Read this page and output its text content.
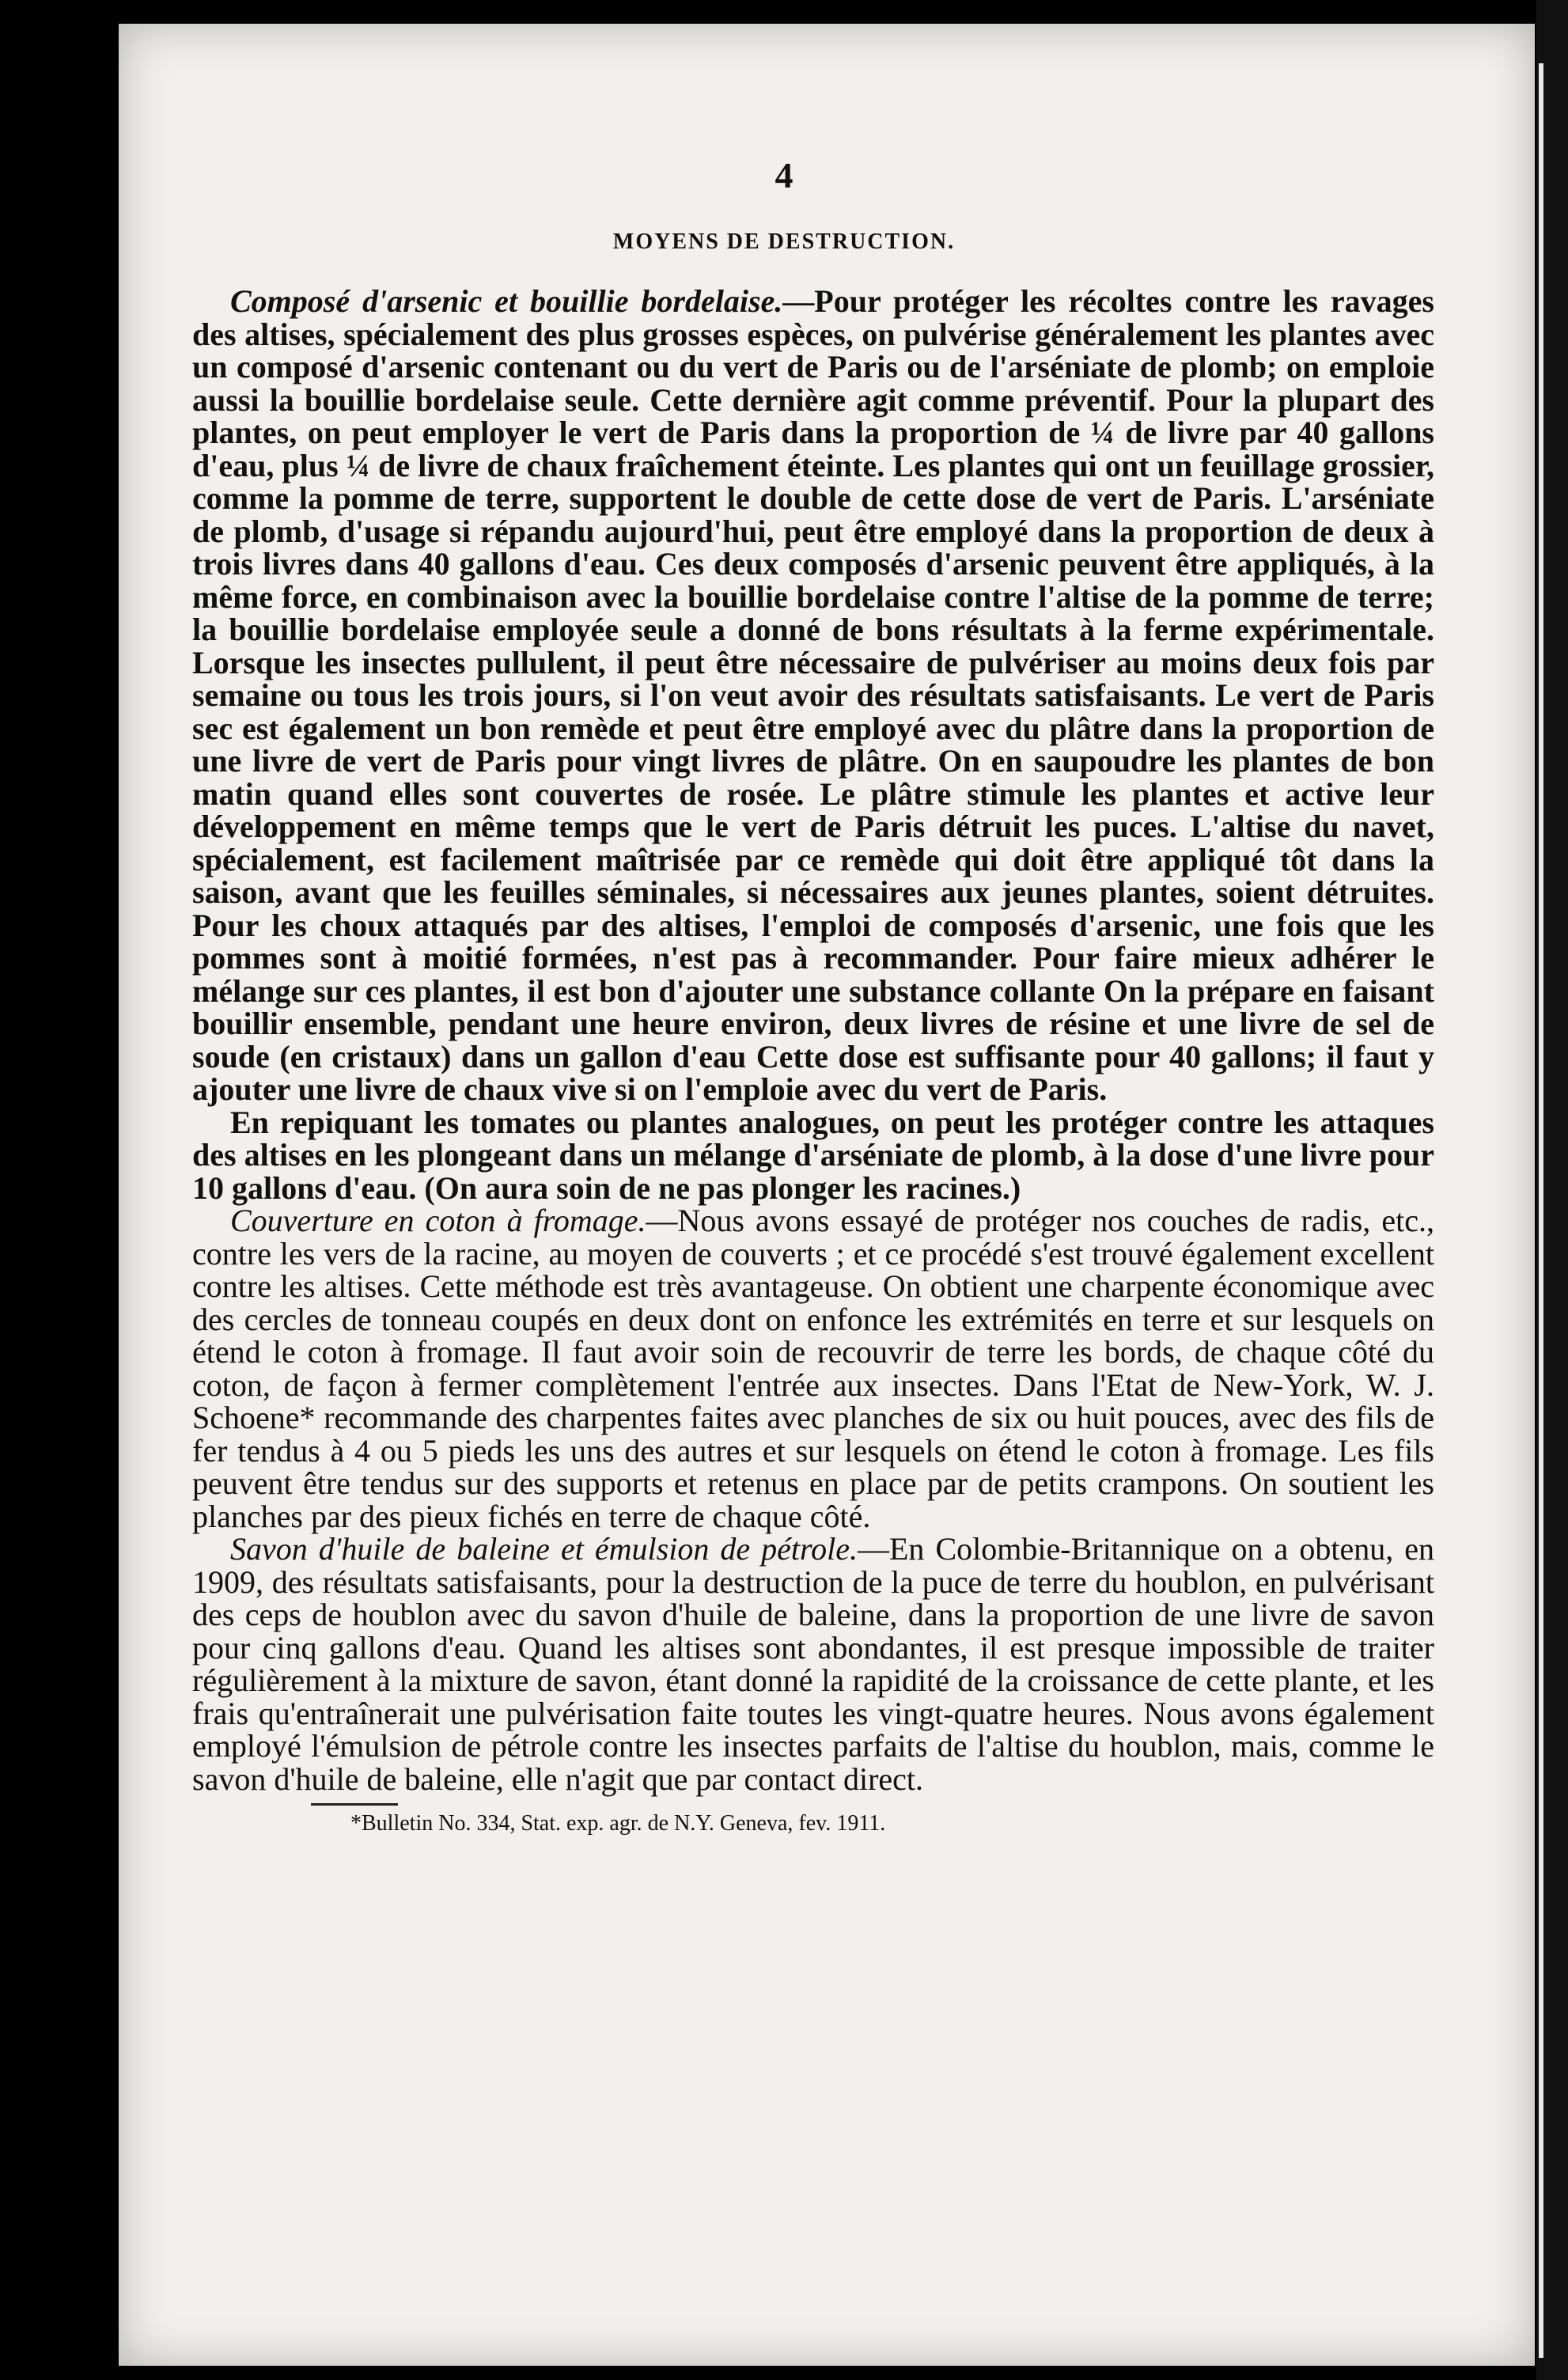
4
MOYENS DE DESTRUCTION.

Composé d'arsenic et bouillie bordelaise.—Pour protéger les récoltes contre les ravages des altises, spécialement des plus grosses espèces, on pulvérise généralement les plantes avec un composé d'arsenic contenant ou du vert de Paris ou de l'arséniate de plomb; on emploie aussi la bouillie bordelaise seule. Cette dernière agit comme préventif. Pour la plupart des plantes, on peut employer le vert de Paris dans la proportion de ¼ de livre par 40 gallons d'eau, plus ¼ de livre de chaux fraîchement éteinte. Les plantes qui ont un feuillage grossier, comme la pomme de terre, supportent le double de cette dose de vert de Paris. L'arséniate de plomb, d'usage si répandu aujourd'hui, peut être employé dans la proportion de deux à trois livres dans 40 gallons d'eau. Ces deux composés d'arsenic peuvent être appliqués, à la même force, en combinaison avec la bouillie bordelaise contre l'altise de la pomme de terre; la bouillie bordelaise employée seule a donné de bons résultats à la ferme expérimentale. Lorsque les insectes pullulent, il peut être nécessaire de pulvériser au moins deux fois par semaine ou tous les trois jours, si l'on veut avoir des résultats satisfaisants. Le vert de Paris sec est également un bon remède et peut être employé avec du plâtre dans la proportion de une livre de vert de Paris pour vingt livres de plâtre. On en saupoudre les plantes de bon matin quand elles sont couvertes de rosée. Le plâtre stimule les plantes et active leur développement en même temps que le vert de Paris détruit les puces. L'altise du navet, spécialement, est facilement maîtrisée par ce remède qui doit être appliqué tôt dans la saison, avant que les feuilles séminales, si nécessaires aux jeunes plantes, soient détruites. Pour les choux attaqués par des altises, l'emploi de composés d'arsenic, une fois que les pommes sont à moitié formées, n'est pas à recommander. Pour faire mieux adhérer le mélange sur ces plantes, il est bon d'ajouter une substance collante On la prépare en faisant bouillir ensemble, pendant une heure environ, deux livres de résine et une livre de sel de soude (en cristaux) dans un gallon d'eau Cette dose est suffisante pour 40 gallons; il faut y ajouter une livre de chaux vive si on l'emploie avec du vert de Paris.

En repiquant les tomates ou plantes analogues, on peut les protéger contre les attaques des altises en les plongeant dans un mélange d'arséniate de plomb, à la dose d'une livre pour 10 gallons d'eau. (On aura soin de ne pas plonger les racines.)

Couverture en coton à fromage.—Nous avons essayé de protéger nos couches de radis, etc., contre les vers de la racine, au moyen de couverts ; et ce procédé s'est trouvé également excellent contre les altises. Cette méthode est très avantageuse. On obtient une charpente économique avec des cercles de tonneau coupés en deux dont on enfonce les extrémités en terre et sur lesquels on étend le coton à fromage. Il faut avoir soin de recouvrir de terre les bords, de chaque côté du coton, de façon à fermer complètement l'entrée aux insectes. Dans l'Etat de New-York, W. J. Schoene* recommande des charpentes faites avec planches de six ou huit pouces, avec des fils de fer tendus à 4 ou 5 pieds les uns des autres et sur lesquels on étend le coton à fromage. Les fils peuvent être tendus sur des supports et retenus en place par de petits crampons. On soutient les planches par des pieux fichés en terre de chaque côté.

Savon d'huile de baleine et émulsion de pétrole.—En Colombie-Britannique on a obtenu, en 1909, des résultats satisfaisants, pour la destruction de la puce de terre du houblon, en pulvérisant des ceps de houblon avec du savon d'huile de baleine, dans la proportion de une livre de savon pour cinq gallons d'eau. Quand les altises sont abondantes, il est presque impossible de traiter régulièrement à la mixture de savon, étant donné la rapidité de la croissance de cette plante, et les frais qu'entraînerait une pulvérisation faite toutes les vingt-quatre heures. Nous avons également employé l'émulsion de pétrole contre les insectes parfaits de l'altise du houblon, mais, comme le savon d'huile de baleine, elle n'agit que par contact direct.

*Bulletin No. 334, Stat. exp. agr. de N.Y. Geneva, fev. 1911.
